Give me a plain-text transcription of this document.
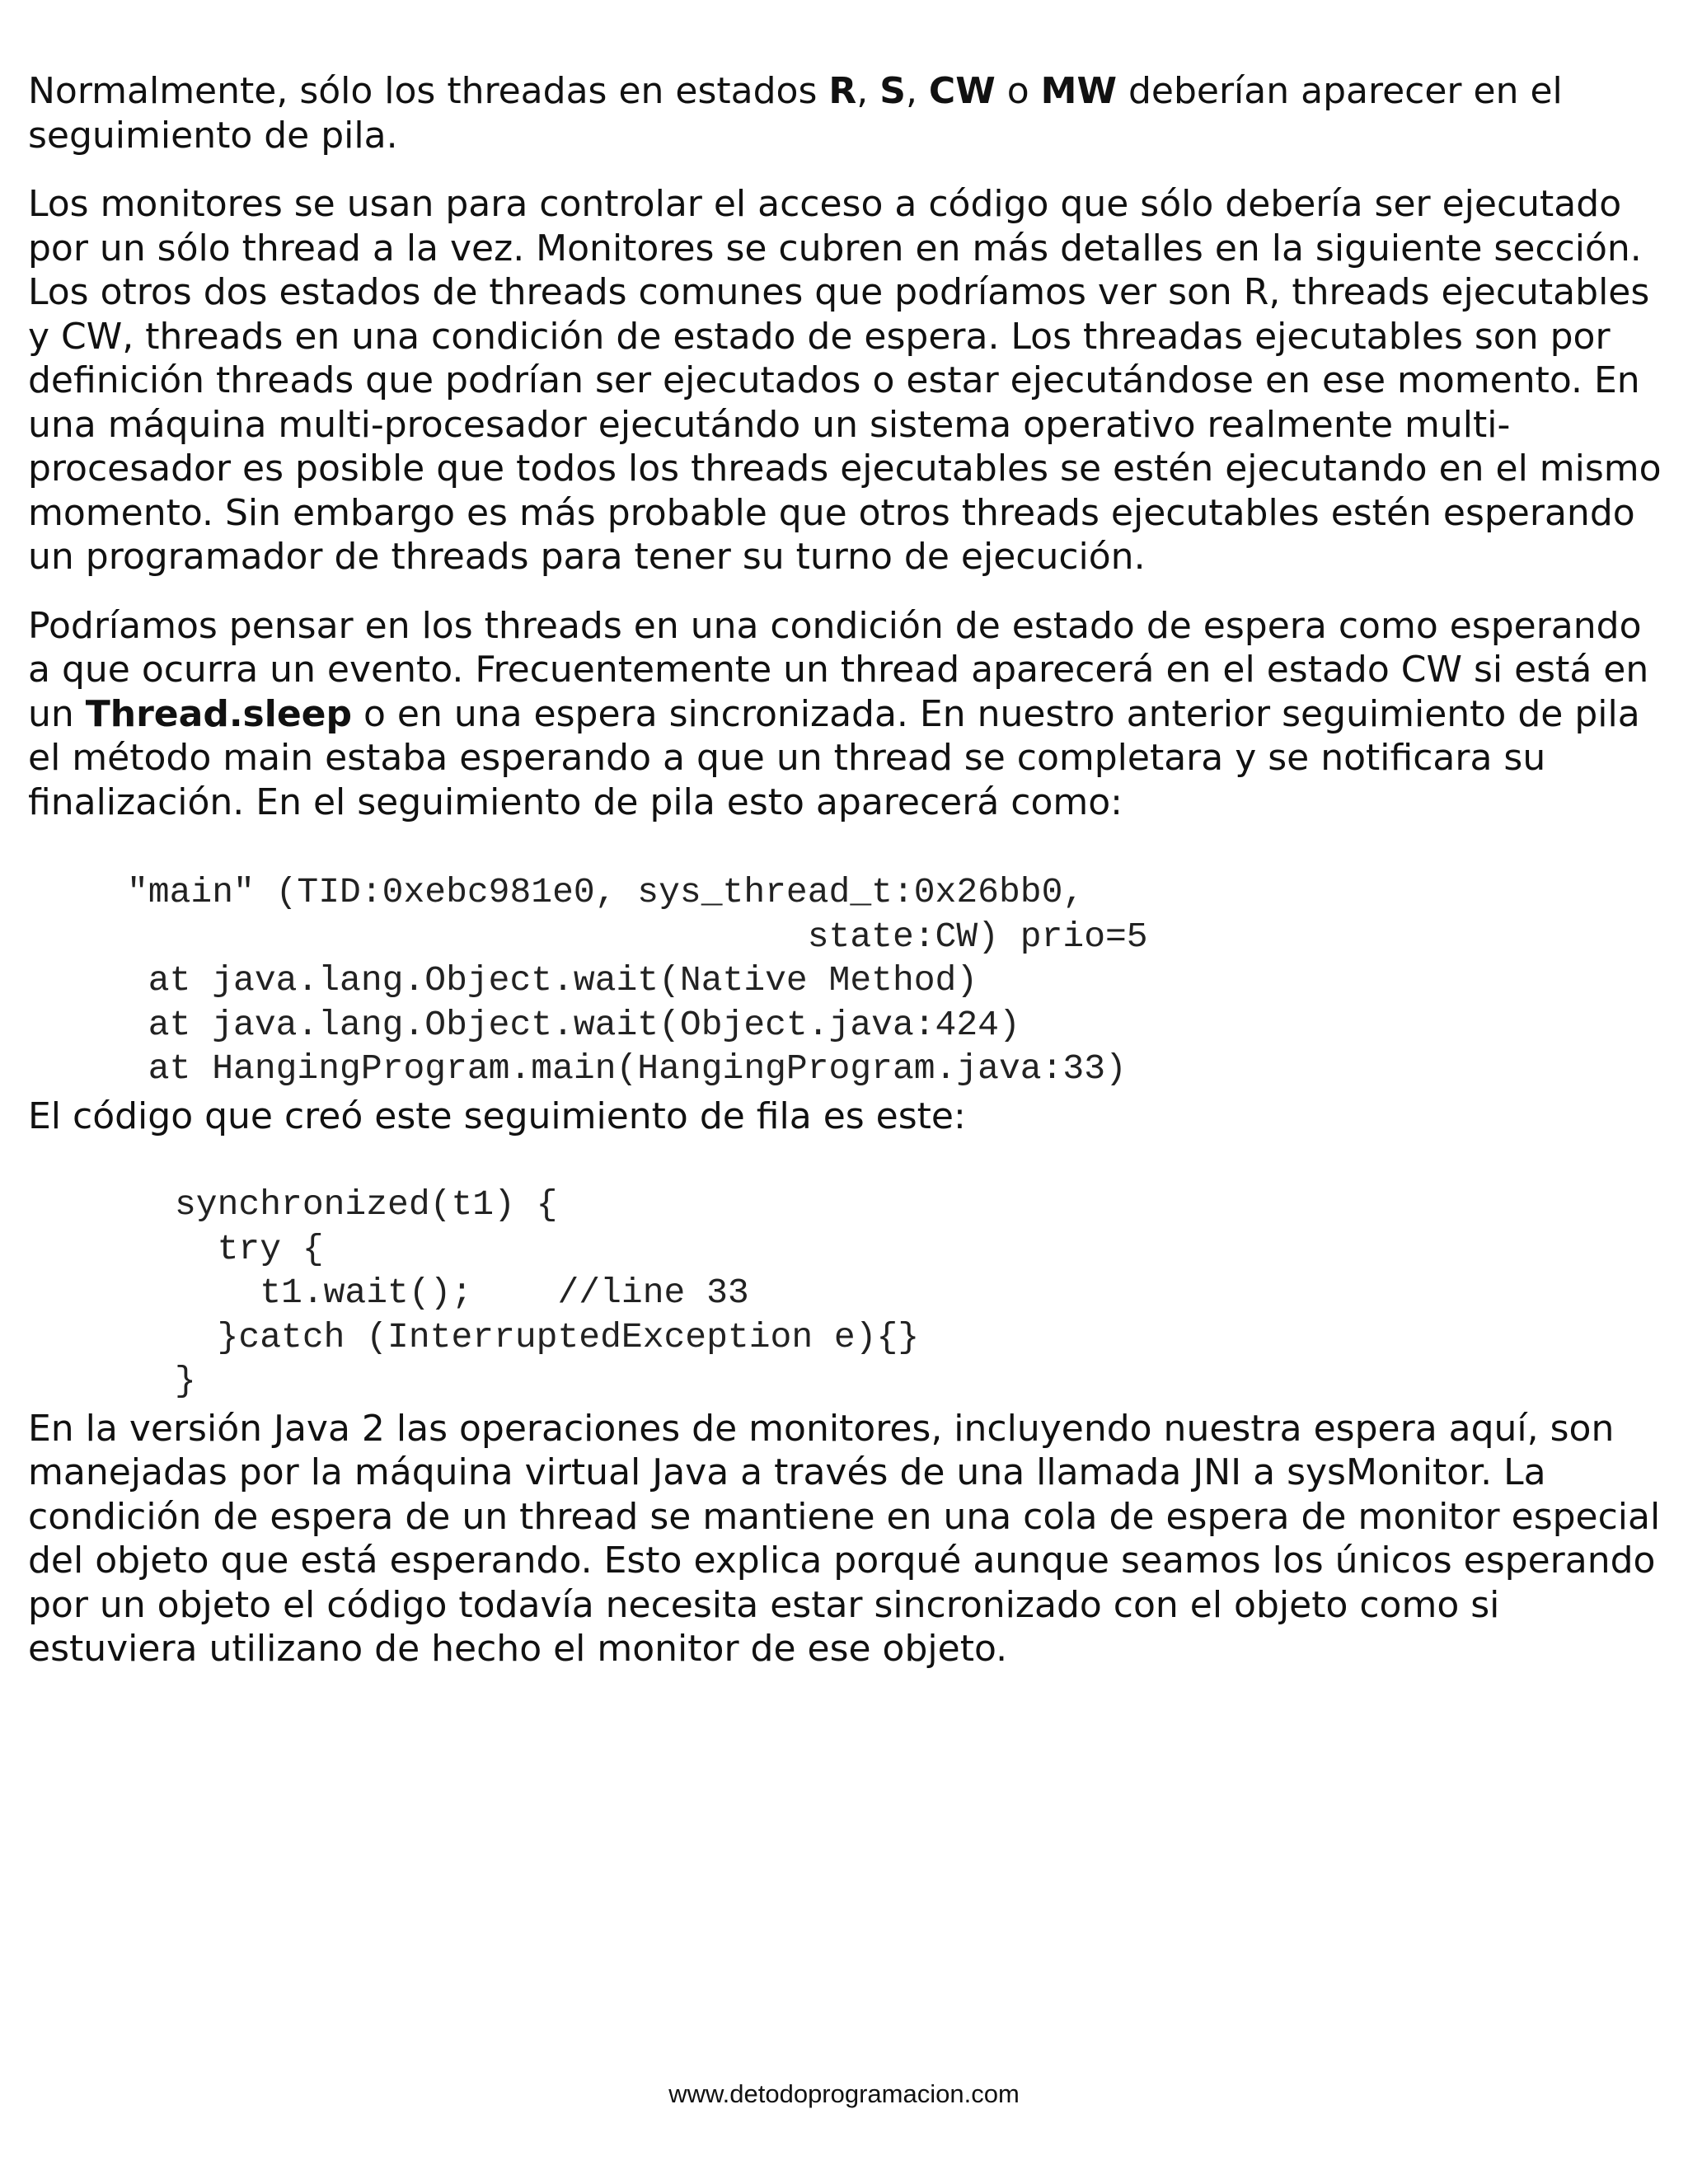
Normalmente, sólo los threadas en estados R, S, CW o MW deberían aparecer en el seguimiento de pila.

Los monitores se usan para controlar el acceso a código que sólo debería ser ejecutado por un sólo thread a la vez. Monitores se cubren en más detalles en la siguiente sección. Los otros dos estados de threads comunes que podríamos ver son R, threads ejecutables y CW, threads en una condición de estado de espera. Los threadas ejecutables son por definición threads que podrían ser ejecutados o estar ejecutándose en ese momento. En una máquina multi-procesador ejecutándo un sistema operativo realmente multi-procesador es posible que todos los threads ejecutables se estén ejecutando en el mismo momento. Sin embargo es más probable que otros threads ejecutables estén esperando un programador de threads para tener su turno de ejecución.

Podríamos pensar en los threads en una condición de estado de espera como esperando a que ocurra un evento. Frecuentemente un thread aparecerá en el estado CW si está en un Thread.sleep o en una espera sincronizada. En nuestro anterior seguimiento de pila el método main estaba esperando a que un thread se completara y se notificara su finalización. En el seguimiento de pila esto aparecerá como:

"main" (TID:0xebc981e0, sys_thread_t:0x26bb0,
state:CW) prio=5
at java.lang.Object.wait(Native Method)
at java.lang.Object.wait(Object.java:424)
at HangingProgram.main(HangingProgram.java:33)

El código que creó este seguimiento de fila es este:

synchronized(t1) {
try {
t1.wait();    //line 33
}catch (InterruptedException e){}
}

En la versión Java 2 las operaciones de monitores, incluyendo nuestra espera aquí, son manejadas por la máquina virtual Java a través de una llamada JNI a sysMonitor. La condición de espera de un thread se mantiene en una cola de espera de monitor especial del objeto que está esperando. Esto explica porqué aunque seamos los únicos esperando por un objeto el código todavía necesita estar sincronizado con el objeto como si estuviera utilizano de hecho el monitor de ese objeto.

www.detodoprogramacion.com
